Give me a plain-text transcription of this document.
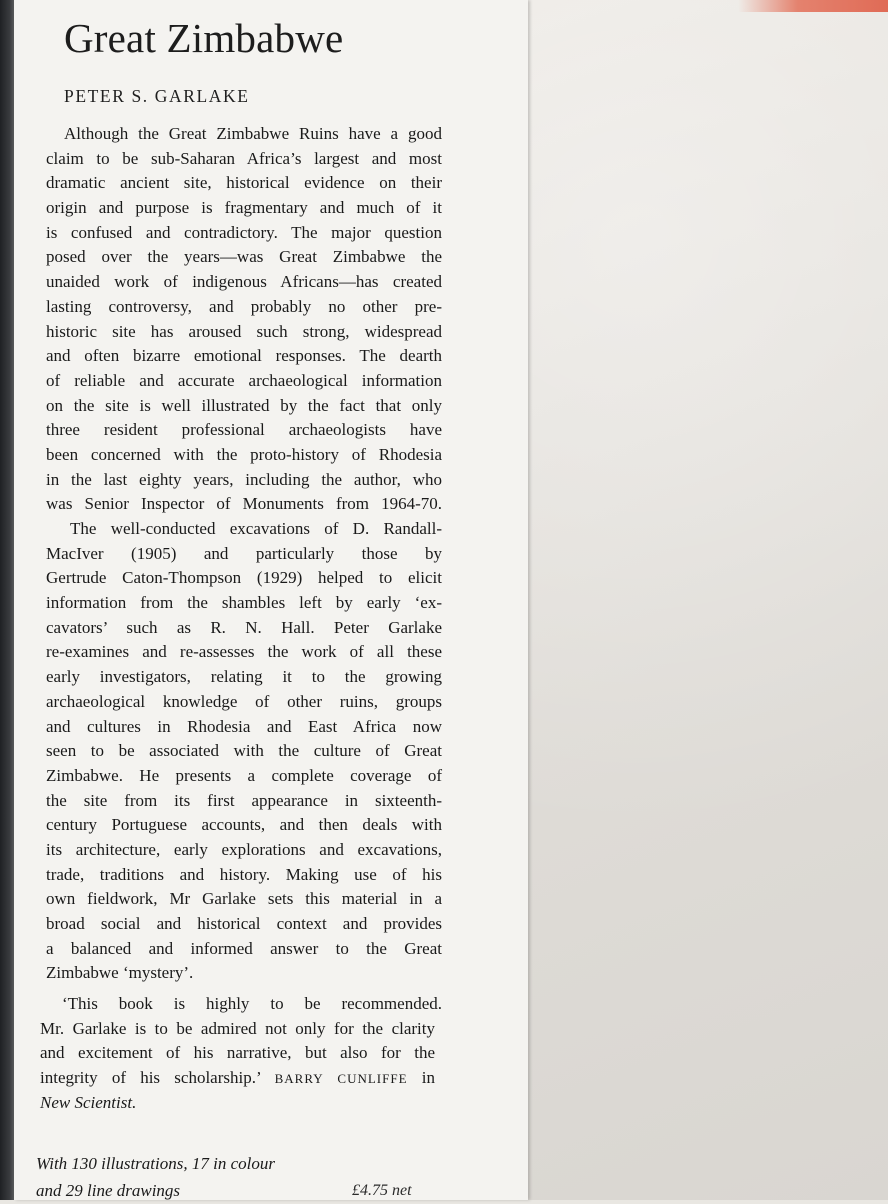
Great Zimbabwe

PETER S. GARLAKE

Although the Great Zimbabwe Ruins have a good
claim to be sub-Saharan Africa’s largest and most
dramatic ancient site, historical evidence on their
origin and purpose is fragmentary and much of it
is confused and contradictory. The major question
posed over the years—was Great Zimbabwe the
unaided work of indigenous Africans—has created
lasting controversy, and probably no other pre-
historic site has aroused such strong, widespread
and often bizarre emotional responses. The dearth
of reliable and accurate archaeological information
on the site is well illustrated by the fact that only
three resident professional archaeologists have
been concerned with the proto-history of Rhodesia
in the last eighty years, including the author, who
was Senior Inspector of Monuments from 1964-70.
The well-conducted excavations of D. Randall-
MacIver (1905) and particularly those by
Gertrude Caton-Thompson (1929) helped to elicit
information from the shambles left by early ‘ex-
cavators’ such as R. N. Hall. Peter Garlake
re-examines and re-assesses the work of all these
early investigators, relating it to the growing
archaeological knowledge of other ruins, groups
and cultures in Rhodesia and East Africa now
seen to be associated with the culture of Great
Zimbabwe. He presents a complete coverage of
the site from its first appearance in sixteenth-
century Portuguese accounts, and then deals with
its architecture, early explorations and excavations,
trade, traditions and history. Making use of his
own fieldwork, Mr Garlake sets this material in a
broad social and historical context and provides
a balanced and informed answer to the Great
Zimbabwe ‘mystery’.
‘This book is highly to be recommended.
Mr. Garlake is to be admired not only for the clarity
and excitement of his narrative, but also for the
integrity of his scholarship.’ BARRY CUNLIFFE in
New Scientist.
With 130 illustrations, 17 in colour
and 29 line drawings	£4.75 net
